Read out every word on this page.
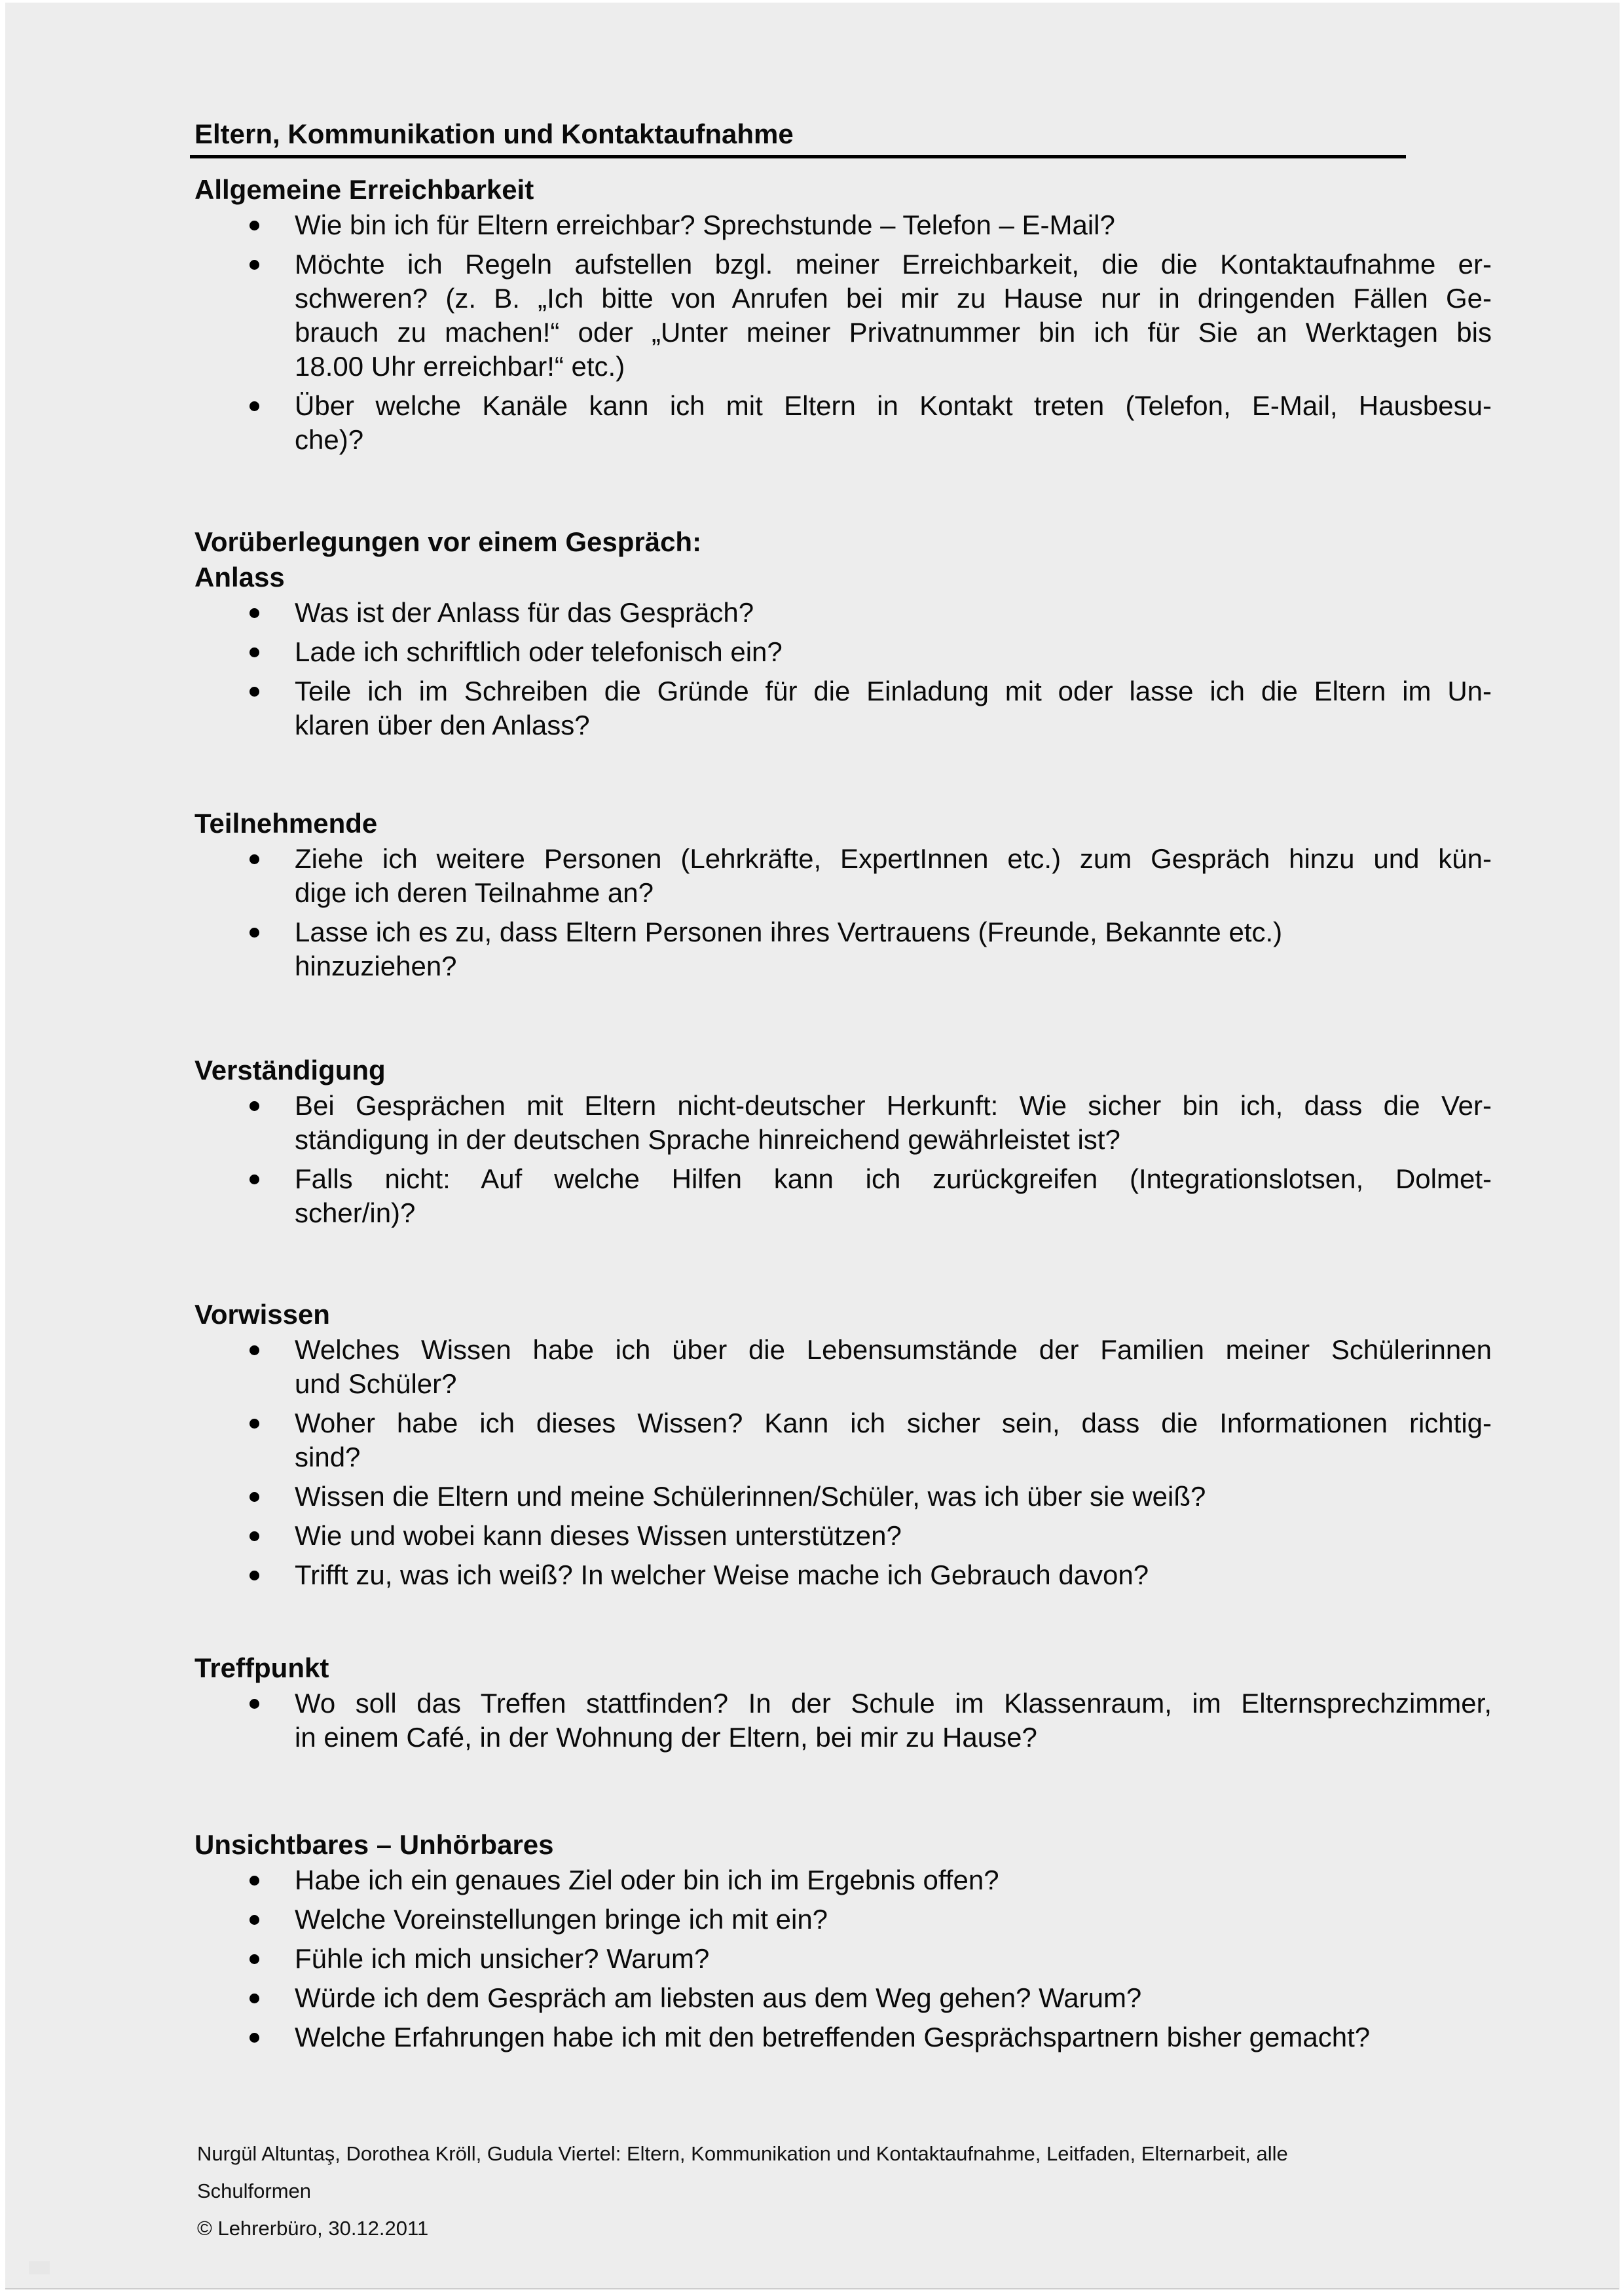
Eltern, Kommunikation und Kontaktaufnahme
Allgemeine Erreichbarkeit
Wie bin ich für Eltern erreichbar? Sprechstunde – Telefon – E-Mail?
Möchte ich Regeln aufstellen bzgl. meiner Erreichbarkeit, die die Kontaktaufnahme er-
schweren? (z. B. „Ich bitte von Anrufen bei mir zu Hause nur in dringenden Fällen Ge-
brauch zu machen!“ oder „Unter meiner Privatnummer bin ich für Sie an Werktagen bis
18.00 Uhr erreichbar!“ etc.)
Über welche Kanäle kann ich mit Eltern in Kontakt treten (Telefon, E-Mail, Hausbesu-
che)?
Vorüberlegungen vor einem Gespräch:
Anlass
Was ist der Anlass für das Gespräch?
Lade ich schriftlich oder telefonisch ein?
Teile ich im Schreiben die Gründe für die Einladung mit oder lasse ich die Eltern im Un-
klaren über den Anlass?
Teilnehmende
Ziehe ich weitere Personen (Lehrkräfte, ExpertInnen etc.) zum Gespräch hinzu und kün-
dige ich deren Teilnahme an?
Lasse ich es zu, dass Eltern Personen ihres Vertrauens (Freunde, Bekannte etc.)
hinzuziehen?
Verständigung
Bei Gesprächen mit Eltern nicht-deutscher Herkunft: Wie sicher bin ich, dass die Ver-
ständigung in der deutschen Sprache hinreichend gewährleistet ist?
Falls nicht: Auf welche Hilfen kann ich zurückgreifen (Integrationslotsen, Dolmet-
scher/in)?
Vorwissen
Welches Wissen habe ich über die Lebensumstände der Familien meiner Schülerinnen
und Schüler?
Woher habe ich dieses Wissen? Kann ich sicher sein, dass die Informationen richtig-
sind?
Wissen die Eltern und meine Schülerinnen/Schüler, was ich über sie weiß?
Wie und wobei kann dieses Wissen unterstützen?
Trifft zu, was ich weiß? In welcher Weise mache ich Gebrauch davon?
Treffpunkt
Wo soll das Treffen stattfinden? In der Schule im Klassenraum, im Elternsprechzimmer,
in einem Café, in der Wohnung der Eltern, bei mir zu Hause?
Unsichtbares – Unhörbares
Habe ich ein genaues Ziel oder bin ich im Ergebnis offen?
Welche Voreinstellungen bringe ich mit ein?
Fühle ich mich unsicher? Warum?
Würde ich dem Gespräch am liebsten aus dem Weg gehen? Warum?
Welche Erfahrungen habe ich mit den betreffenden Gesprächspartnern bisher gemacht?
Nurgül Altuntaş, Dorothea Kröll, Gudula Viertel: Eltern, Kommunikation und Kontaktaufnahme, Leitfaden, Elternarbeit, alle
Schulformen
© Lehrerbüro, 30.12.2011
